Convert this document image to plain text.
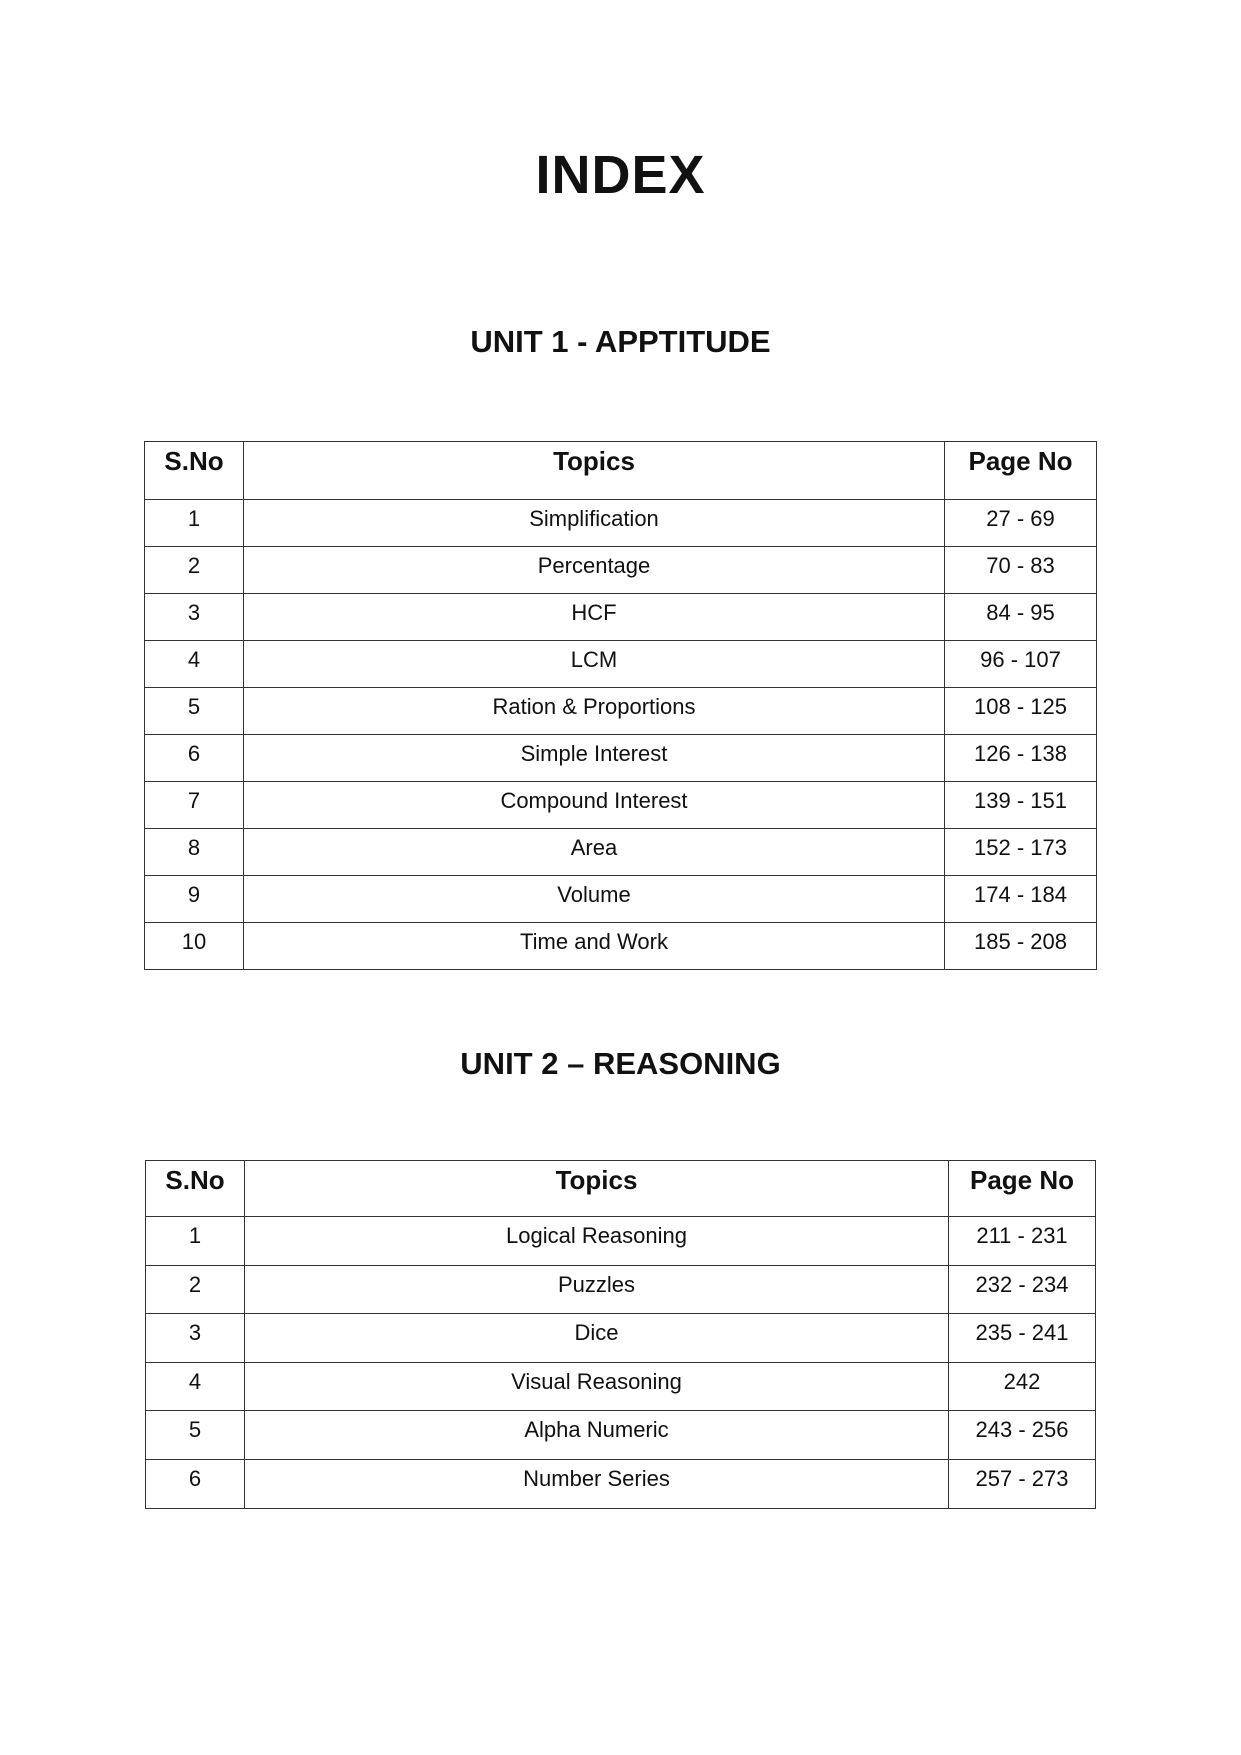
INDEX
UNIT 1 - APPTITUDE
S.No	Topics	Page No
1	Simplification	27 - 69
2	Percentage	70 - 83
3	HCF	84 - 95
4	LCM	96 - 107
5	Ration & Proportions	108 - 125
6	Simple Interest	126 - 138
7	Compound Interest	139 - 151
8	Area	152 - 173
9	Volume	174 - 184
10	Time and Work	185 - 208
UNIT 2 – REASONING
S.No	Topics	Page No
1	Logical Reasoning	211 - 231
2	Puzzles	232 - 234
3	Dice	235 - 241
4	Visual Reasoning	242
5	Alpha Numeric	243 - 256
6	Number Series	257 - 273
